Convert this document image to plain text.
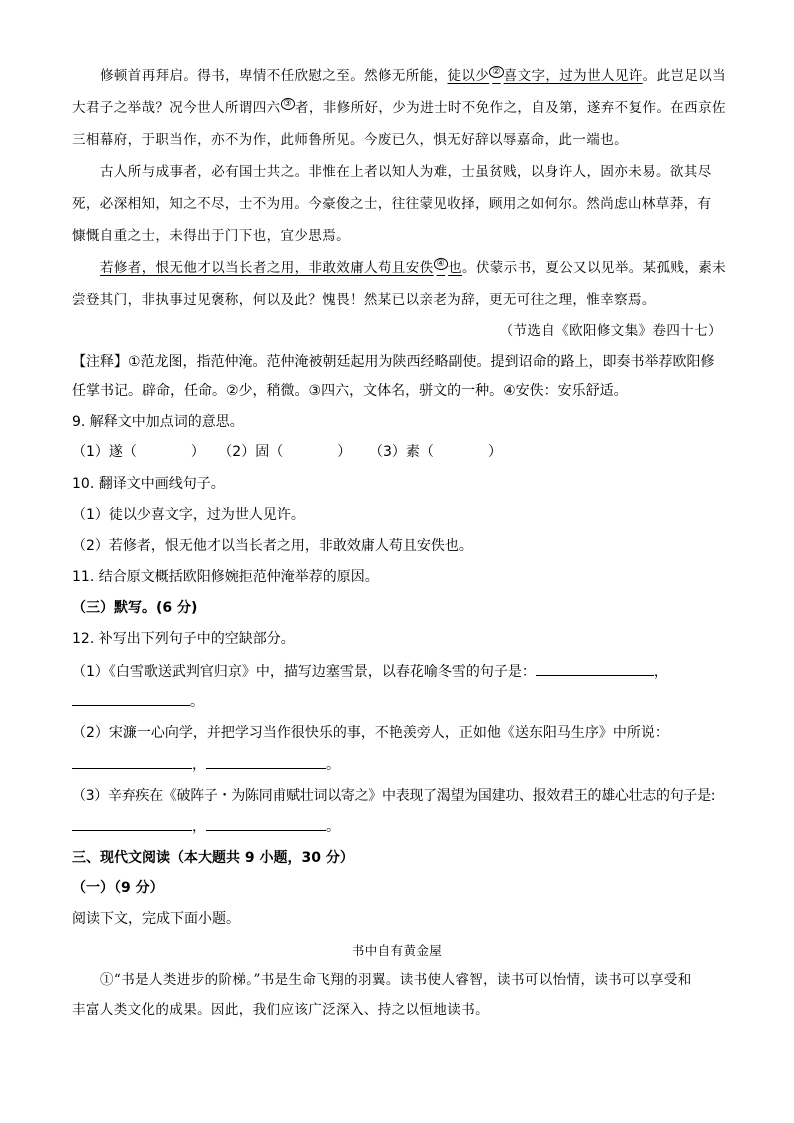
修顿首再拜启。得书，卑情不任欣慰之至。然修无所能，徒以少 ② 喜文字，过为世人见许。此岂足以当
大君子之举哉？况今世人所谓四六 ③ 者，非修所好，少为进士时不免作之，自及第，遂弃不复作。在西京佐
三相幕府，于职当作，亦不为作，此师鲁所见。今废已久，惧无好辞以辱嘉命，此一端也。
古人所与成事者，必有国士共之。非惟在上者以知人为难，士虽贫贱，以身许人，固亦未易。欲其尽
死，必深相知，知之不尽，士不为用。今豪俊之士，往往蒙见收择，顾用之如何尔。然尚虑山林草莽，有
慷慨自重之士，未得出于门下也，宜少思焉。
若修者，恨无他才以当长者之用，非敢效庸人苟且安佚 ④ 也。伏蒙示书，夏公又以见举。某孤贱，素未
尝登其门，非执事过见褒称，何以及此？愧畏！然某已以亲老为辞，更无可往之理，惟幸察焉。
（节选自《欧阳修文集》卷四十七）
【注释】①范龙图，指范仲淹。范仲淹被朝廷起用为陕西经略副使。提到诏命的路上，即奏书举荐欧阳修
任掌书记。辟命，任命。②少，稍微。③四六，文体名，骈文的一种。④安佚：安乐舒适。
9. 解释文中加点词的意思。
（1）遂（	） （2）固（	） （3）素（	）
10. 翻译文中画线句子。
（1）徒以少喜文字，过为世人见许。
（2）若修者，恨无他才以当长者之用，非敢效庸人苟且安佚也。
11. 结合原文概括欧阳修婉拒范仲淹举荐的原因。
（三）默写。(6 分)
12. 补写出下列句子中的空缺部分。
（1）《白雪歌送武判官归京》中，描写边塞雪景，以春花喻冬雪的句子是：	，
。
（2）宋濂一心向学，并把学习当作很快乐的事，不艳羡旁人，正如他《送东阳马生序》中所说：
，	。
（3）辛弃疾在《破阵子・为陈同甫赋壮词以寄之》中表现了渴望为国建功、报效君王的雄心壮志的句子是:
，	。
三、现代文阅读（本大题共 9 小题，30 分）
（一）（9 分）
阅读下文，完成下面小题。
书中自有黄金屋
①“书是人类进步的阶梯。”书是生命飞翔的羽翼。读书使人睿智，读书可以怡情，读书可以享受和
丰富人类文化的成果。因此，我们应该广泛深入、持之以恒地读书。
